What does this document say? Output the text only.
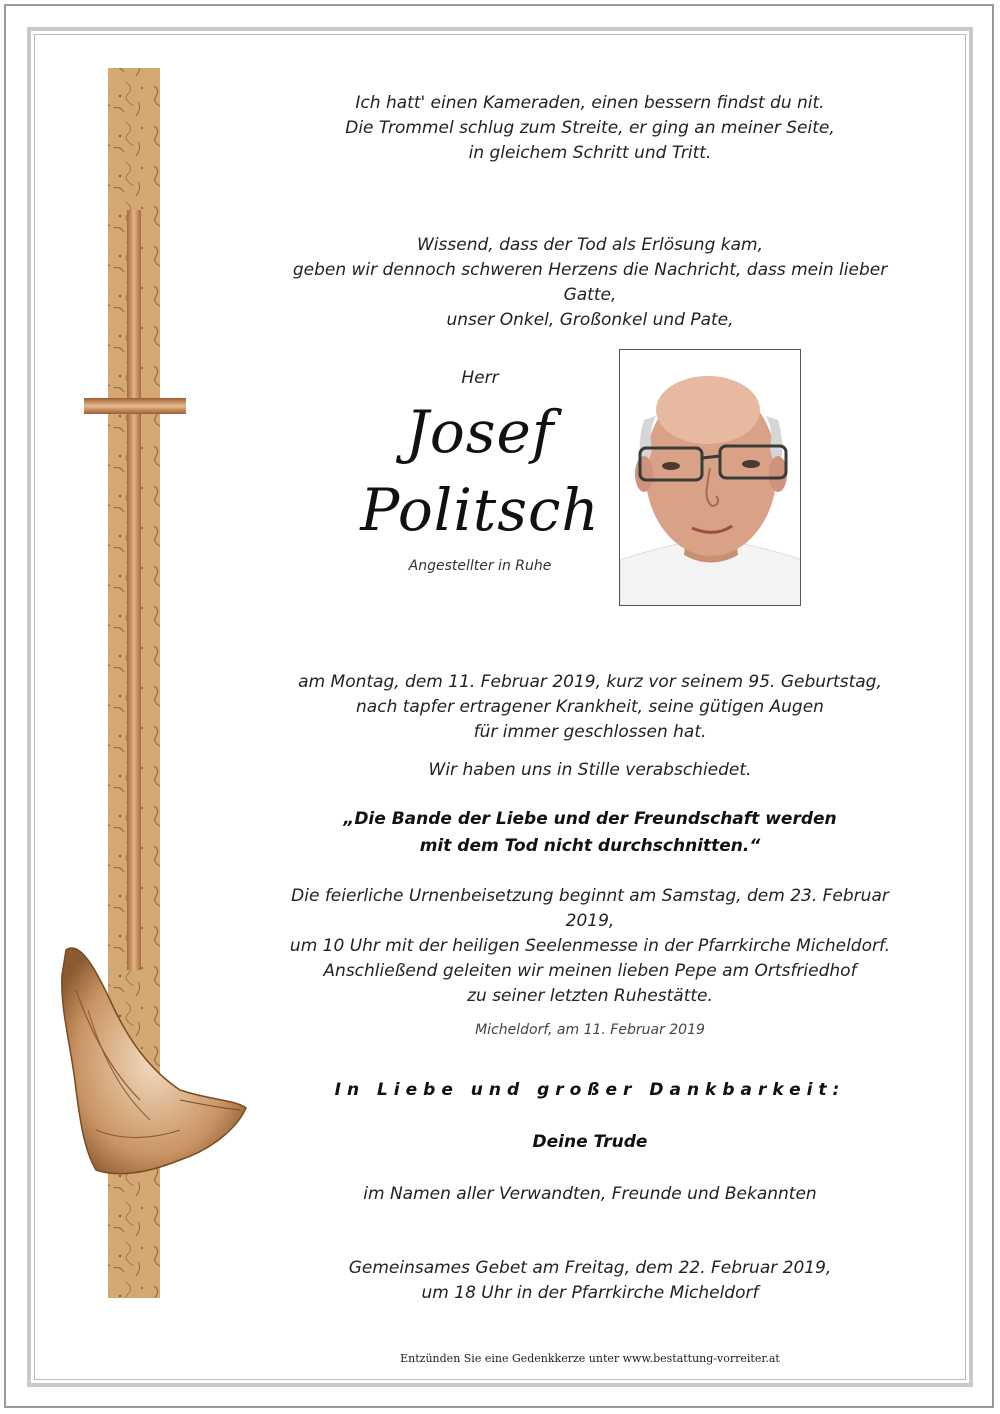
Ich hatt' einen Kameraden, einen bessern findst du nit.
Die Trommel schlug zum Streite, er ging an meiner Seite,
in gleichem Schritt und Tritt.
Wissend, dass der Tod als Erlösung kam,
geben wir dennoch schweren Herzens die Nachricht, dass mein lieber Gatte,
unser Onkel, Großonkel und Pate,
Herr
Josef
Politsch
Angestellter in Ruhe
am Montag, dem 11. Februar 2019, kurz vor seinem 95. Geburtstag,
nach tapfer ertragener Krankheit, seine gütigen Augen
für immer geschlossen hat.
Wir haben uns in Stille verabschiedet.
„Die Bande der Liebe und der Freundschaft werden
mit dem Tod nicht durchschnitten.“
Die feierliche Urnenbeisetzung beginnt am Samstag, dem 23. Februar 2019,
um 10 Uhr mit der heiligen Seelenmesse in der Pfarrkirche Micheldorf.
Anschließend geleiten wir meinen lieben Pepe am Ortsfriedhof
zu seiner letzten Ruhestätte.
Micheldorf, am 11. Februar 2019
In Liebe und großer Dankbarkeit:
Deine Trude
im Namen aller Verwandten, Freunde und Bekannten
Gemeinsames Gebet am Freitag, dem 22. Februar 2019,
um 18 Uhr in der Pfarrkirche Micheldorf
Entzünden Sie eine Gedenkkerze unter www.bestattung-vorreiter.at
